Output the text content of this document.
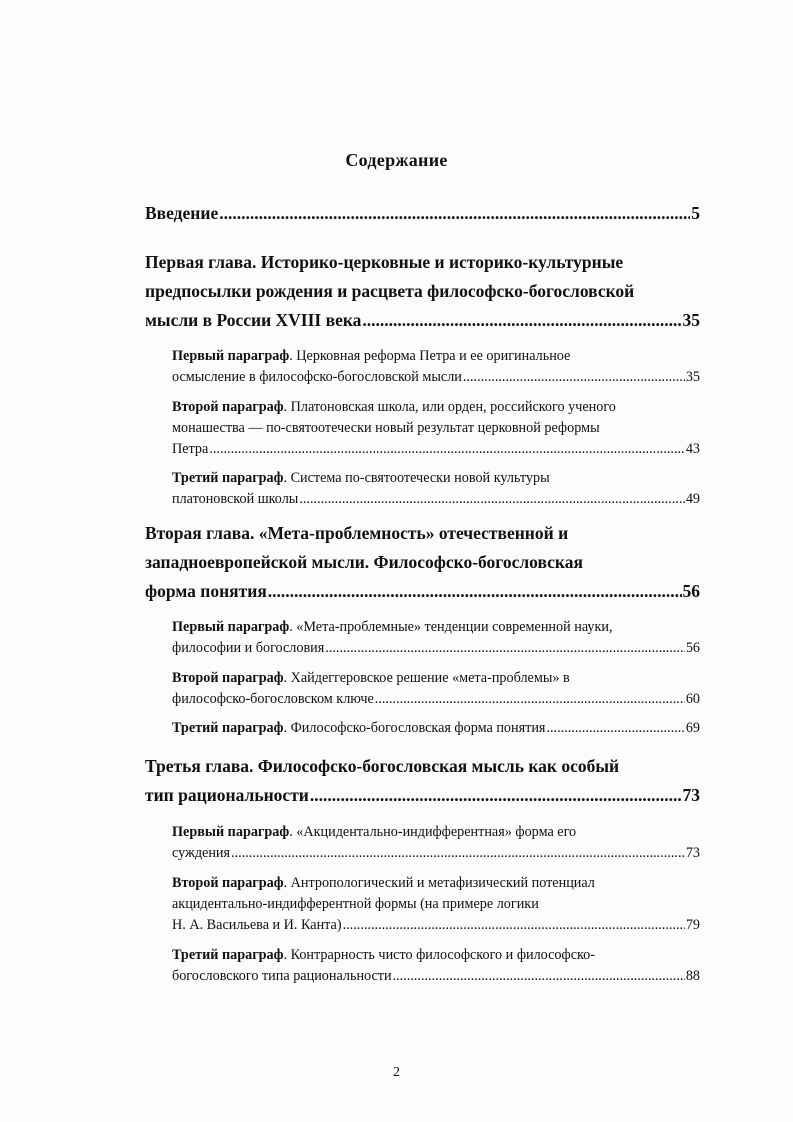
Содержание
Введение .....	5
Первая глава. Историко-церковные и историко-культурные
предпосылки рождения и расцвета философско-богословской
мысли в России XVIII века .....	35
Первый параграф. Церковная реформа Петра и ее оригинальное
осмысление в философско-богословской мысли .....	35
Второй параграф. Платоновская школа, или орден, российского ученого
монашества — по-святоотечески новый результат церковной реформы
Петра .....	43
Третий параграф. Система по-святоотечески новой культуры
платоновской школы .....	49
Вторая глава. «Мета-проблемность» отечественной и
западноевропейской мысли. Философско-богословская
форма понятия .....	56
Первый параграф. «Мета-проблемные» тенденции современной науки,
философии и богословия .....	56
Второй параграф. Хайдеггеровское решение «мета-проблемы» в
философско-богословском ключе .....	60
Третий параграф. Философско-богословская форма понятия .....	69
Третья глава. Философско-богословская мысль как особый
тип рациональности .....	73
Первый параграф. «Акцидентально-индифферентная» форма его
суждения .....	73
Второй параграф. Антропологический и метафизический потенциал
акцидентально-индифферентной формы (на примере логики
Н. А. Васильева и И. Канта) .....	79
Третий параграф. Контрарность чисто философского и философско-
богословского типа рациональности .....	88
2
